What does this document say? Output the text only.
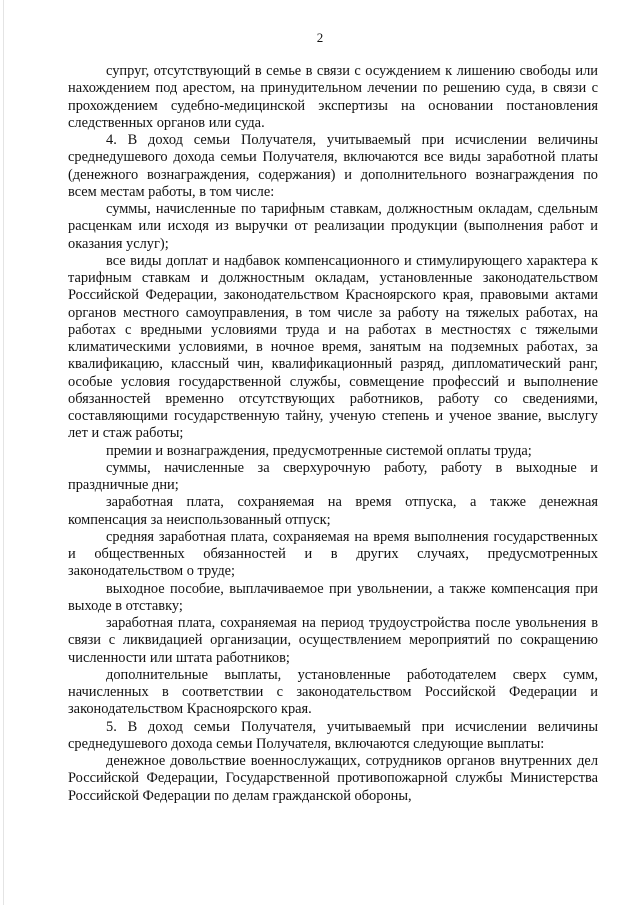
2

супруг, отсутствующий в семье в связи с осуждением к лишению свободы или нахождением под арестом, на принудительном лечении по решению суда, в связи с прохождением судебно-медицинской экспертизы на основании постановления следственных органов или суда.

4. В доход семьи Получателя, учитываемый при исчислении величины среднедушевого дохода семьи Получателя, включаются все виды заработной платы (денежного вознаграждения, содержания) и дополнительного вознаграждения по всем местам работы, в том числе:

суммы, начисленные по тарифным ставкам, должностным окладам, сдельным расценкам или исходя из выручки от реализации продукции (выполнения работ и оказания услуг);

все виды доплат и надбавок компенсационного и стимулирующего характера к тарифным ставкам и должностным окладам, установленные законодательством Российской Федерации, законодательством Красноярского края, правовыми актами органов местного самоуправления, в том числе за работу на тяжелых работах, на работах с вредными условиями труда и на работах в местностях с тяжелыми климатическими условиями, в ночное время, занятым на подземных работах, за квалификацию, классный чин, квалификационный разряд, дипломатический ранг, особые условия государственной службы, совмещение профессий и выполнение обязанностей временно отсутствующих работников, работу со сведениями, составляющими государственную тайну, ученую степень и ученое звание, выслугу лет и стаж работы;

премии и вознаграждения, предусмотренные системой оплаты труда;

суммы, начисленные за сверхурочную работу, работу в выходные и праздничные дни;

заработная плата, сохраняемая на время отпуска, а также денежная компенсация за неиспользованный отпуск;

средняя заработная плата, сохраняемая на время выполнения государственных и общественных обязанностей и в других случаях, предусмотренных законодательством о труде;

выходное пособие, выплачиваемое при увольнении, а также компенсация при выходе в отставку;

заработная плата, сохраняемая на период трудоустройства после увольнения в связи с ликвидацией организации, осуществлением мероприятий по сокращению численности или штата работников;

дополнительные выплаты, установленные работодателем сверх сумм, начисленных в соответствии с законодательством Российской Федерации и законодательством Красноярского края.

5. В доход семьи Получателя, учитываемый при исчислении величины среднедушевого дохода семьи Получателя, включаются следующие выплаты:

денежное довольствие военнослужащих, сотрудников органов внутренних дел Российской Федерации, Государственной противопожарной службы Министерства Российской Федерации по делам гражданской обороны,
